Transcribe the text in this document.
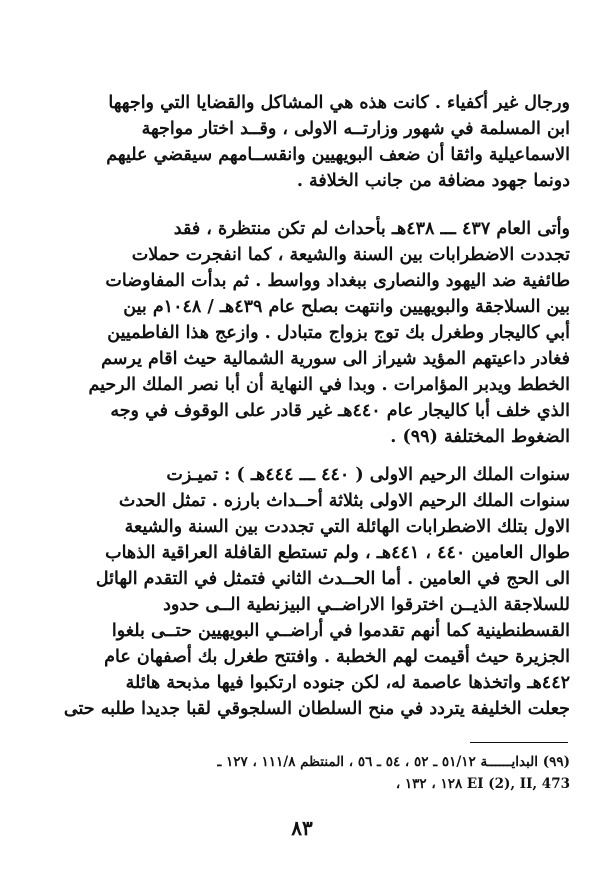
ورجال غير أكفياء . كانت هذه هي المشاكل والقضايا التي واجهها
ابن المسلمة في شهور وزارتــه الاولى ، وقــد اختار مواجهة
الاسماعيلية واثقا أن ضعف البويهيين وانقســامهم سيقضي عليهم
دونما جهود مضافة من جانب الخلافة .

وأتى العام ٤٣٧ ـــ ٤٣٨هـ بأحداث لم تكن منتظرة ، فقد
تجددت الاضطرابات بين السنة والشيعة ، كما انفجرت حملات
طائفية ضد اليهود والنصارى ببغداد وواسط . ثم بدأت المفاوضات
بين السلاجقة والبويهيين وانتهت بصلح عام ٤٣٩هـ / ١٠٤٨م بين
أبي كاليجار وطغرل بك توج بزواج متبادل . وازعج هذا الفاطميين
فغادر داعيتهم المؤيد شيراز الى سورية الشمالية حيث اقام يرسم
الخطط ويدبر المؤامرات . وبدا في النهاية أن أبا نصر الملك الرحيم
الذي خلف أبا كاليجار عام ٤٤٠هـ غير قادر على الوقوف في وجه
الضغوط المختلفة (٩٩) .

سنوات الملك الرحيم الاولى ( ٤٤٠ ـــ ٤٤٤هـ ) : تميـزت
سنوات الملك الرحيم الاولى بثلاثة أحــداث بارزه . تمثل الحدث
الاول بتلك الاضطرابات الهائلة التي تجددت بين السنة والشيعة
طوال العامين ٤٤٠ ، ٤٤١هـ ، ولم تستطع القافلة العراقية الذهاب
الى الحج في العامين . أما الحــدث الثاني فتمثل في التقدم الهائل
للسلاجقة الذيــن اخترقوا الاراضــي البيزنطية الــى حدود
القسطنطينية كما أنهم تقدموا في أراضــي البويهيين حتــى بلغوا
الجزيرة حيث أقيمت لهم الخطبة . وافتتح طغرل بك أصفهان عام
٤٤٢هـ واتخذها عاصمة له، لكن جنوده ارتكبوا فيها مذبحة هائلة
جعلت الخليفة يتردد في منح السلطان السلجوقي لقبا جديدا طلبه حتى

(٩٩) البدايــــــة ٥١/١٢ ـ ٥٢ ، ٥٤ ـ ٥٦ ، المنتظم ١١١/٨ ، ١٢٧ ـ
EI (2), II, 473 ١٢٨ ، ١٣٢ ،
٨٣
